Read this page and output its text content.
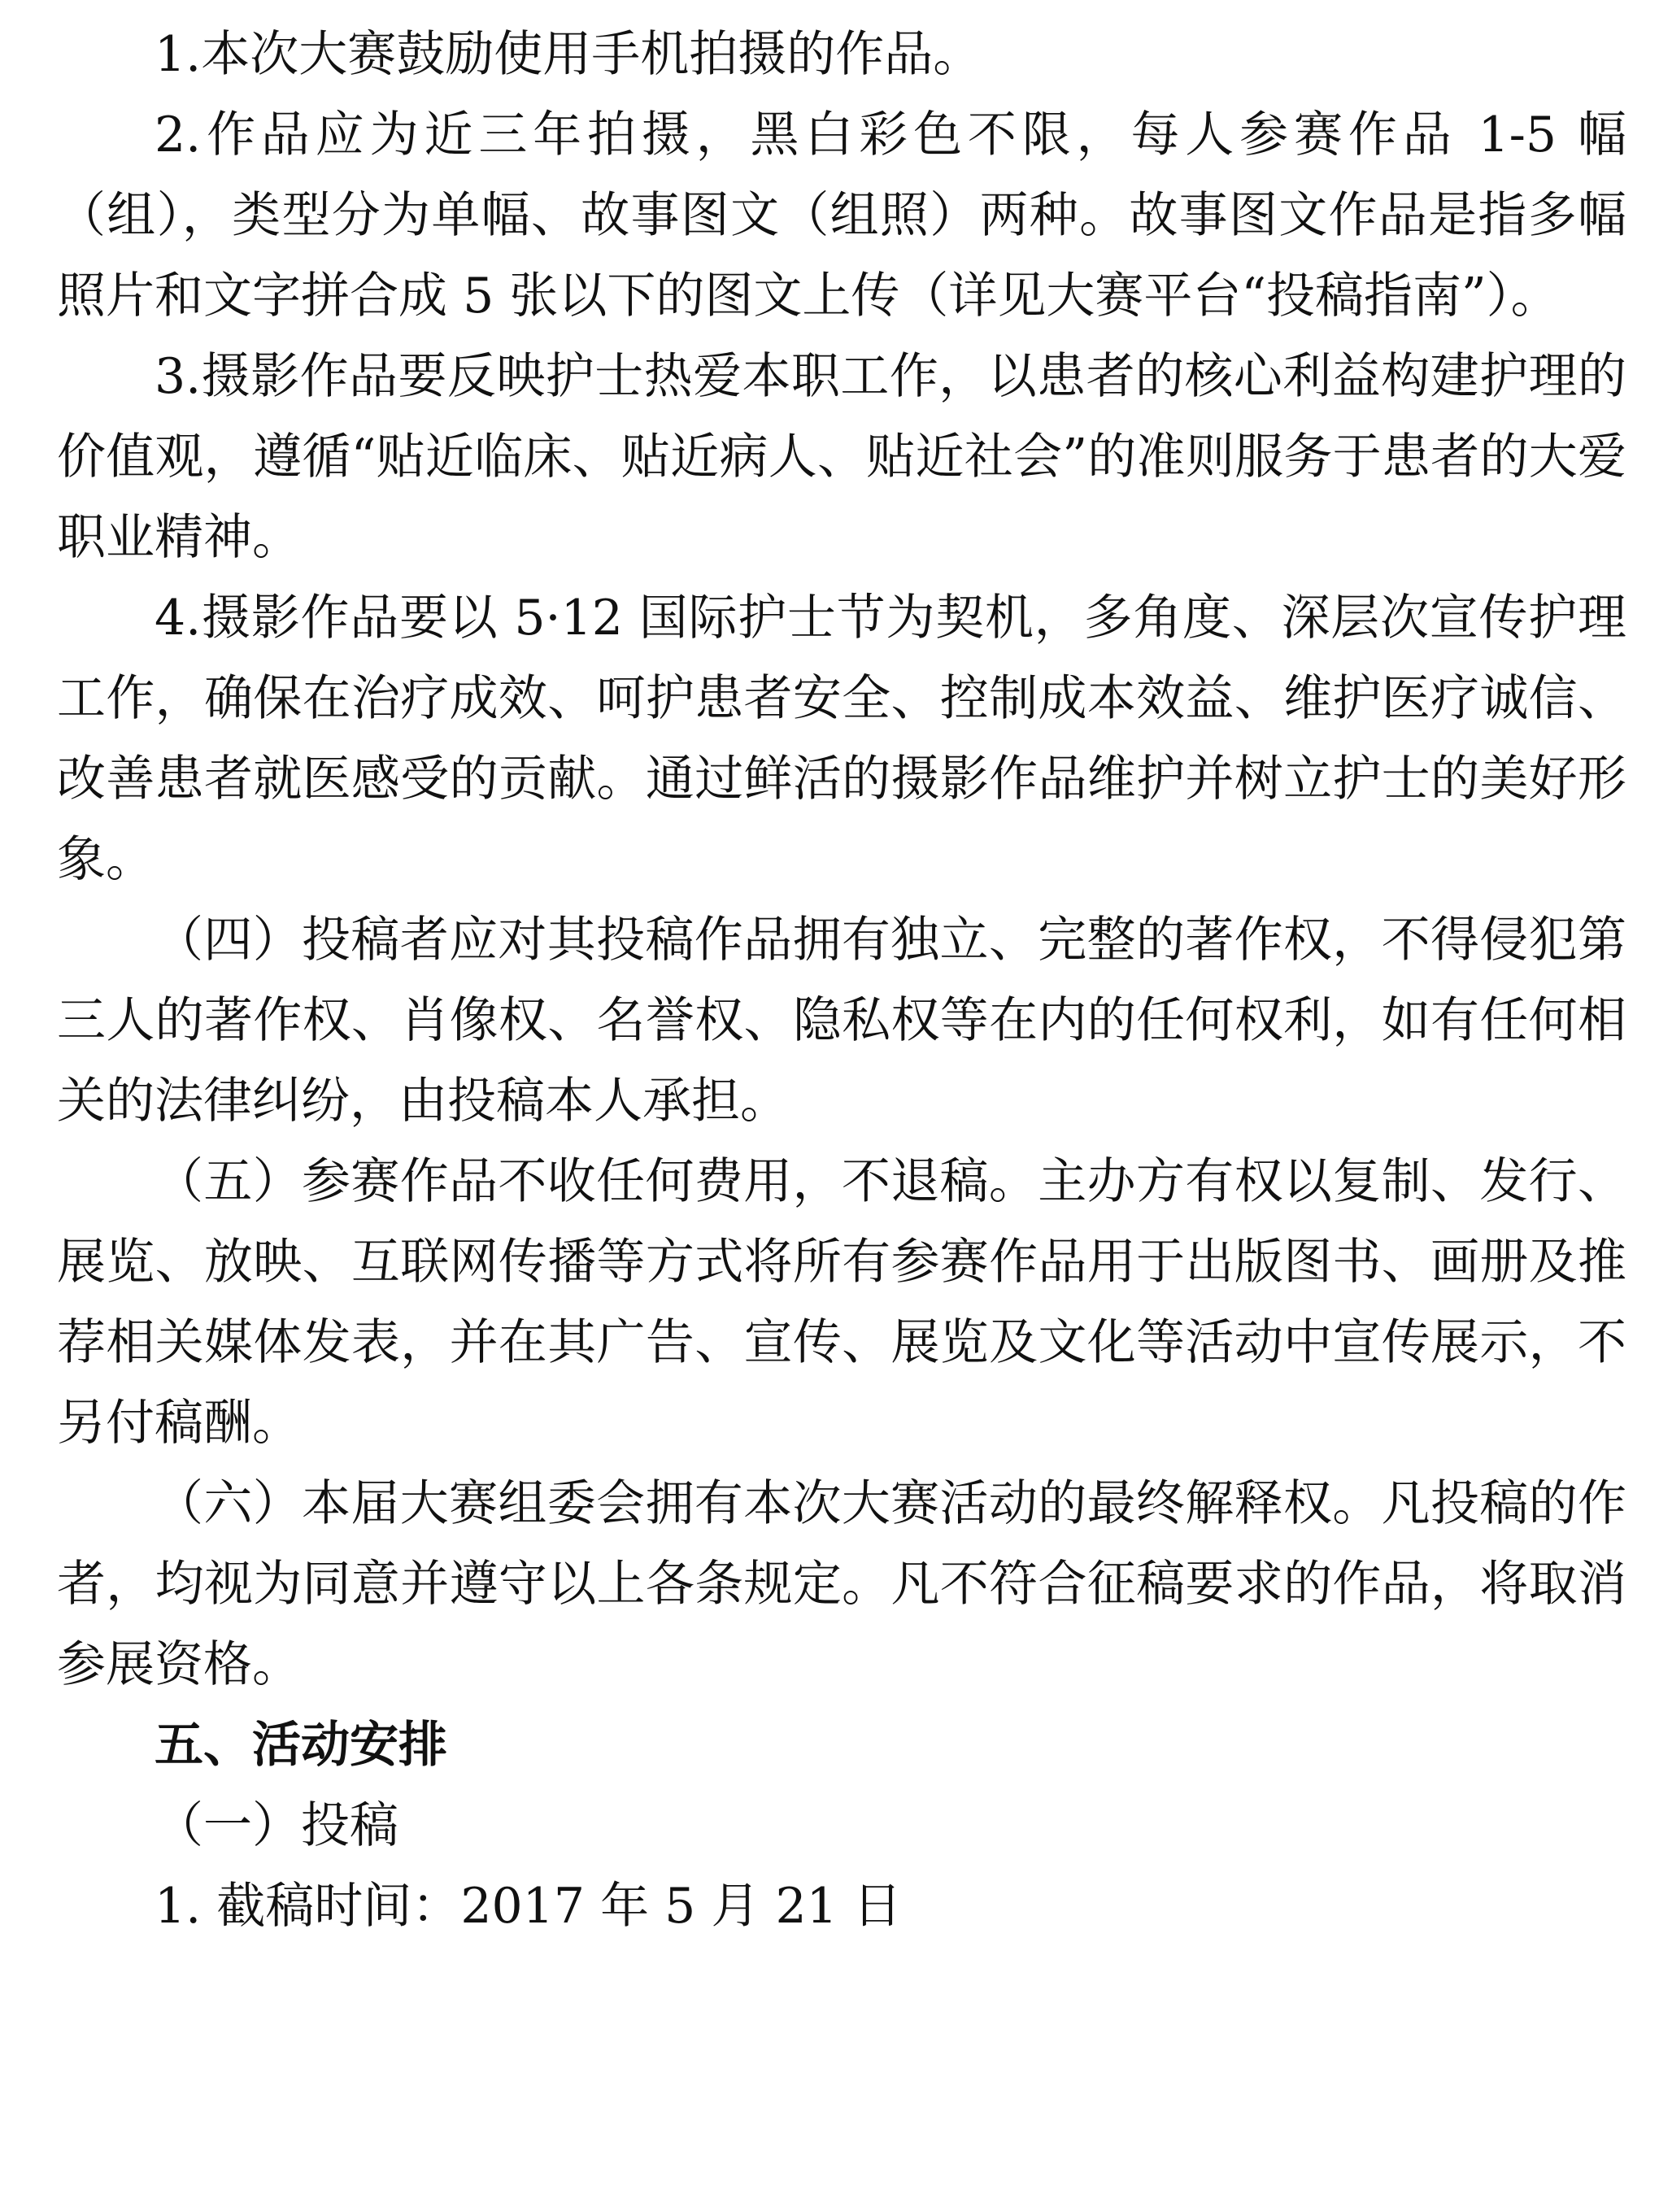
1.本次大赛鼓励使用手机拍摄的作品。

2.作品应为近三年拍摄，黑白彩色不限，每人参赛作品 1-5 幅（组），类型分为单幅、故事图文（组照）两种。故事图文作品是指多幅照片和文字拼合成 5 张以下的图文上传（详见大赛平台“投稿指南”）。

3.摄影作品要反映护士热爱本职工作，以患者的核心利益构建护理的价值观，遵循“贴近临床、贴近病人、贴近社会”的准则服务于患者的大爱职业精神。

4.摄影作品要以 5·12 国际护士节为契机，多角度、深层次宣传护理工作，确保在治疗成效、呵护患者安全、控制成本效益、维护医疗诚信、改善患者就医感受的贡献。通过鲜活的摄影作品维护并树立护士的美好形象。

（四）投稿者应对其投稿作品拥有独立、完整的著作权，不得侵犯第三人的著作权、肖像权、名誉权、隐私权等在内的任何权利，如有任何相关的法律纠纷，由投稿本人承担。

（五）参赛作品不收任何费用，不退稿。主办方有权以复制、发行、展览、放映、互联网传播等方式将所有参赛作品用于出版图书、画册及推荐相关媒体发表，并在其广告、宣传、展览及文化等活动中宣传展示，不另付稿酬。

（六）本届大赛组委会拥有本次大赛活动的最终解释权。凡投稿的作者，均视为同意并遵守以上各条规定。凡不符合征稿要求的作品，将取消参展资格。

五、活动安排

（一）投稿

1. 截稿时间：2017 年 5 月 21 日
